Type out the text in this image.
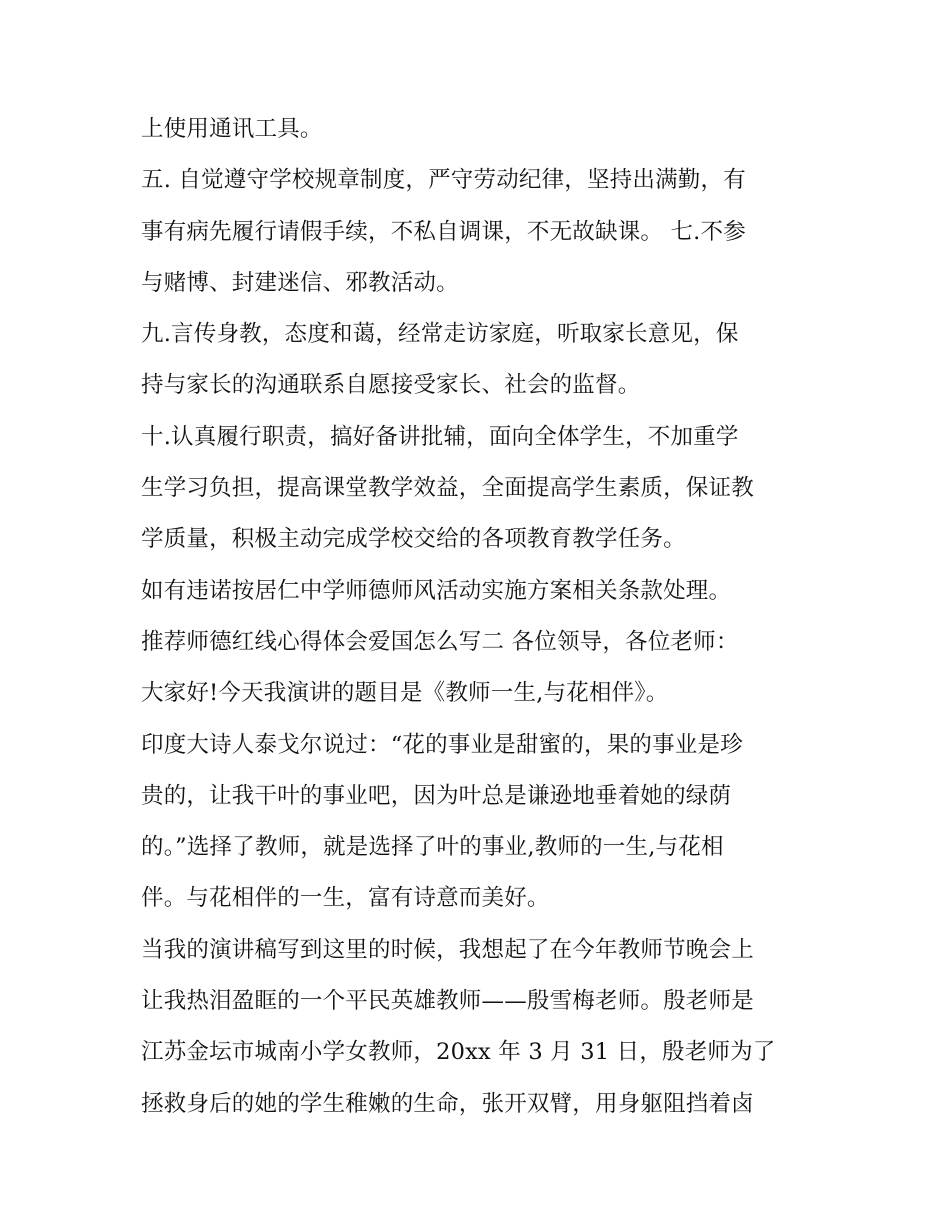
上使用通讯工具。
五. 自觉遵守学校规章制度，严守劳动纪律，坚持出满勤，有
事有病先履行请假手续，不私自调课，不无故缺课。 七.不参
与赌博、封建迷信、邪教活动。
九.言传身教，态度和蔼，经常走访家庭，听取家长意见，保
持与家长的沟通联系自愿接受家长、社会的监督。
十.认真履行职责，搞好备讲批辅，面向全体学生，不加重学
生学习负担，提高课堂教学效益，全面提高学生素质，保证教
学质量，积极主动完成学校交给的各项教育教学任务。
如有违诺按居仁中学师德师风活动实施方案相关条款处理。
推荐师德红线心得体会爱国怎么写二 各位领导，各位老师：
大家好!今天我演讲的题目是《教师一生,与花相伴》。
印度大诗人泰戈尔说过：“花的事业是甜蜜的，果的事业是珍
贵的，让我干叶的事业吧，因为叶总是谦逊地垂着她的绿荫
的。”选择了教师，就是选择了叶的事业,教师的一生,与花相
伴。与花相伴的一生，富有诗意而美好。
当我的演讲稿写到这里的时候，我想起了在今年教师节晚会上
让我热泪盈眶的一个平民英雄教师——殷雪梅老师。殷老师是
江苏金坛市城南小学女教师，20xx 年 3 月 31 日，殷老师为了
拯救身后的她的学生稚嫩的生命，张开双臂，用身躯阻挡着卤
